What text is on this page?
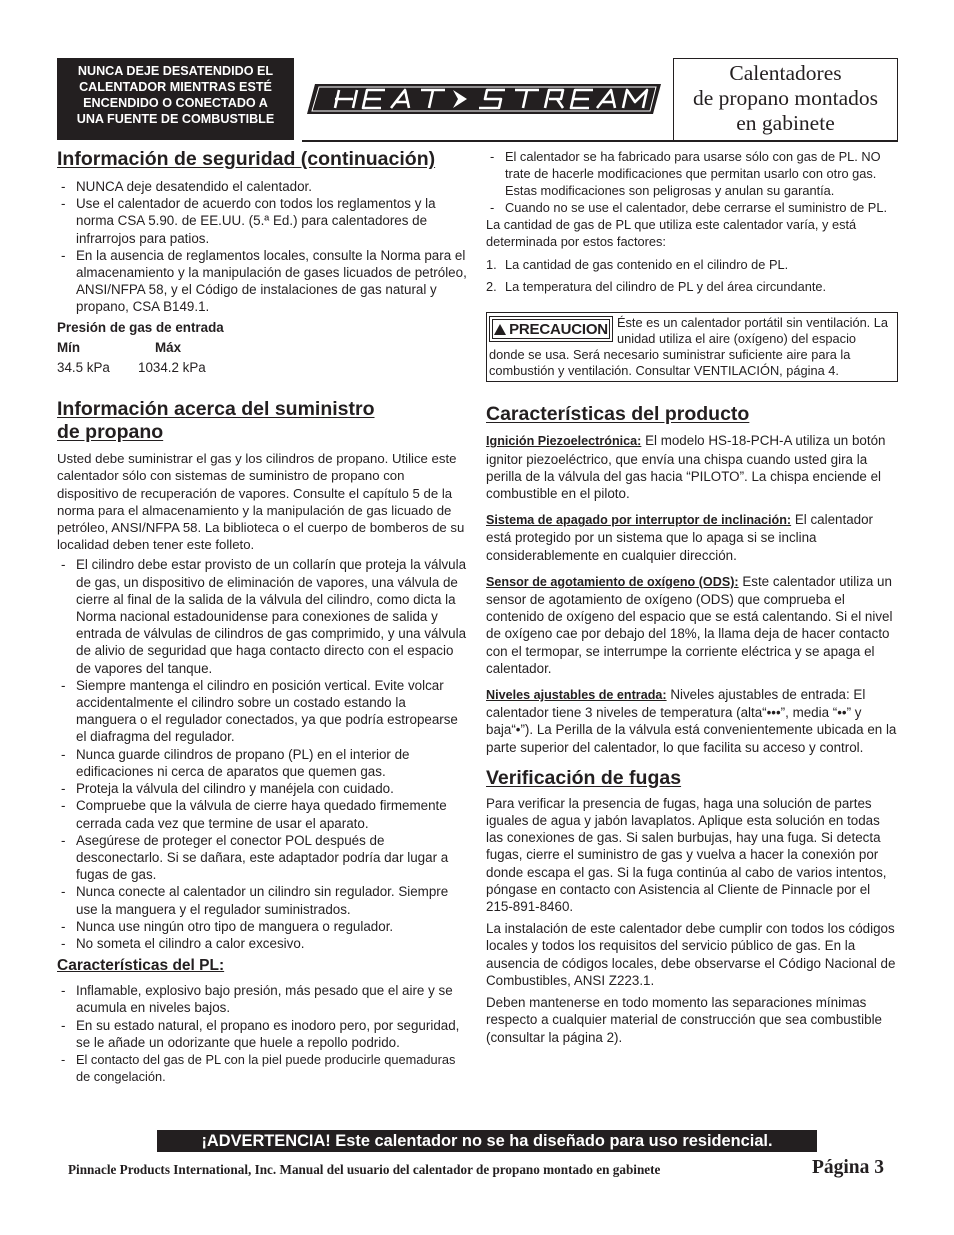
NUNCA DEJE DESATENDIDO EL
CALENTADOR MIENTRAS ESTÉ
ENCENDIDO O CONECTADO A
UNA FUENTE DE COMBUSTIBLE
Calentadores
de propano montados
en gabinete
Información de seguridad (continuación)
- NUNCA deje desatendido el calentador.
- Use el calentador de acuerdo con todos los reglamentos y la norma CSA 5.90. de EE.UU. (5.ª Ed.) para calentadores de infrarrojos para patios.
- En la ausencia de reglamentos locales, consulte la Norma para el almacenamiento y la manipulación de gases licuados de petróleo, ANSI/NFPA 58, y el Código de instalaciones de gas natural y propano, CSA B149.1.

Presión de gas de entrada

Mín	Máx
34.5 kPa	1034.2 kPa
Información acerca del suministro
de propano

Usted debe suministrar el gas y los cilindros de propano. Utilice este calentador sólo con sistemas de suministro de propano con dispositivo de recuperación de vapores. Consulte el capítulo 5 de la norma para el almacenamiento y la manipulación de gas licuado de petróleo, ANSI/NFPA 58. La biblioteca o el cuerpo de bomberos de su localidad deben tener este folleto.

- El cilindro debe estar provisto de un collarín que proteja la válvula de gas, un dispositivo de eliminación de vapores, una válvula de cierre al final de la salida de la válvula del cilindro, como dicta la Norma nacional estadounidense para conexiones de salida y entrada de válvulas de cilindros de gas comprimido, y una válvula de alivio de seguridad que haga contacto directo con el espacio de vapores del tanque.
- Siempre mantenga el cilindro en posición vertical. Evite volcar accidentalmente el cilindro sobre un costado estando la manguera o el regulador conectados, ya que podría estropearse el diafragma del regulador.
- Nunca guarde cilindros de propano (PL) en el interior de edificaciones ni cerca de aparatos que quemen gas.
- Proteja la válvula del cilindro y manéjela con cuidado.
- Compruebe que la válvula de cierre haya quedado firmemente cerrada cada vez que termine de usar el aparato.
- Asegúrese de proteger el conector POL después de desconectarlo. Si se dañara, este adaptador podría dar lugar a fugas de gas.
- Nunca conecte al calentador un cilindro sin regulador. Siempre use la manguera y el regulador suministrados.
- Nunca use ningún otro tipo de manguera o regulador.
- No someta el cilindro a calor excesivo.
Características del PL:
- Inflamable, explosivo bajo presión, más pesado que el aire y se acumula en niveles bajos.
- En su estado natural, el propano es inodoro pero, por seguridad, se le añade un odorizante que huele a repollo podrido.
- El contacto del gas de PL con la piel puede producirle quemaduras de congelación.
- El calentador se ha fabricado para usarse sólo con gas de PL. NO trate de hacerle modificaciones que permitan usarlo con otro gas. Estas modificaciones son peligrosas y anulan su garantía.
- Cuando no se use el calentador, debe cerrarse el suministro de PL.

La cantidad de gas de PL que utiliza este calentador varía, y está determinada por estos factores:

1. La cantidad de gas contenido en el cilindro de PL.
2. La temperatura del cilindro de PL y del área circundante.
PRECAUCION Éste es un calentador portátil sin ventilación. La unidad utiliza el aire (oxígeno) del espacio donde se usa. Será necesario suministrar suficiente aire para la combustión y ventilación. Consultar VENTILACIÓN, página 4.
Características del producto

Ignición Piezoelectrónica: El modelo HS-18-PCH-A utiliza un botón ignitor piezoeléctrico, que envía una chispa cuando usted gira la perilla de la válvula del gas hacia “PILOTO”. La chispa enciende el combustible en el piloto.

Sistema de apagado por interruptor de inclinación: El calentador está protegido por un sistema que lo apaga si se inclina considerablemente en cualquier dirección.

Sensor de agotamiento de oxígeno (ODS): Este calentador utiliza un sensor de agotamiento de oxígeno (ODS) que comprueba el contenido de oxígeno del espacio que se está calentando. Si el nivel de oxígeno cae por debajo del 18%, la llama deja de hacer contacto con el termopar, se interrumpe la corriente eléctrica y se apaga el calentador.

Niveles ajustables de entrada: Niveles ajustables de entrada: El calentador tiene 3 niveles de temperatura (alta“•••”, media “••” y baja“•”). La Perilla de la válvula está convenientemente ubicada en la parte superior del calentador, lo que facilita su acceso y control.

Verificación de fugas

Para verificar la presencia de fugas, haga una solución de partes iguales de agua y jabón lavaplatos. Aplique esta solución en todas las conexiones de gas. Si salen burbujas, hay una fuga. Si detecta fugas, cierre el suministro de gas y vuelva a hacer la conexión por donde escapa el gas. Si la fuga continúa al cabo de varios intentos, póngase en contacto con Asistencia al Cliente de Pinnacle por el 215-891-8460.

La instalación de este calentador debe cumplir con todos los códigos locales y todos los requisitos del servicio público de gas. En la ausencia de códigos locales, debe observarse el Código Nacional de Combustibles, ANSI Z223.1.

Deben mantenerse en todo momento las separaciones mínimas respecto a cualquier material de construcción que sea combustible (consultar la página 2).

¡ADVERTENCIA! Este calentador no se ha diseñado para uso residencial.
Pinnacle Products International, Inc. Manual del usuario del calentador de propano montado en gabinete	Página 3
